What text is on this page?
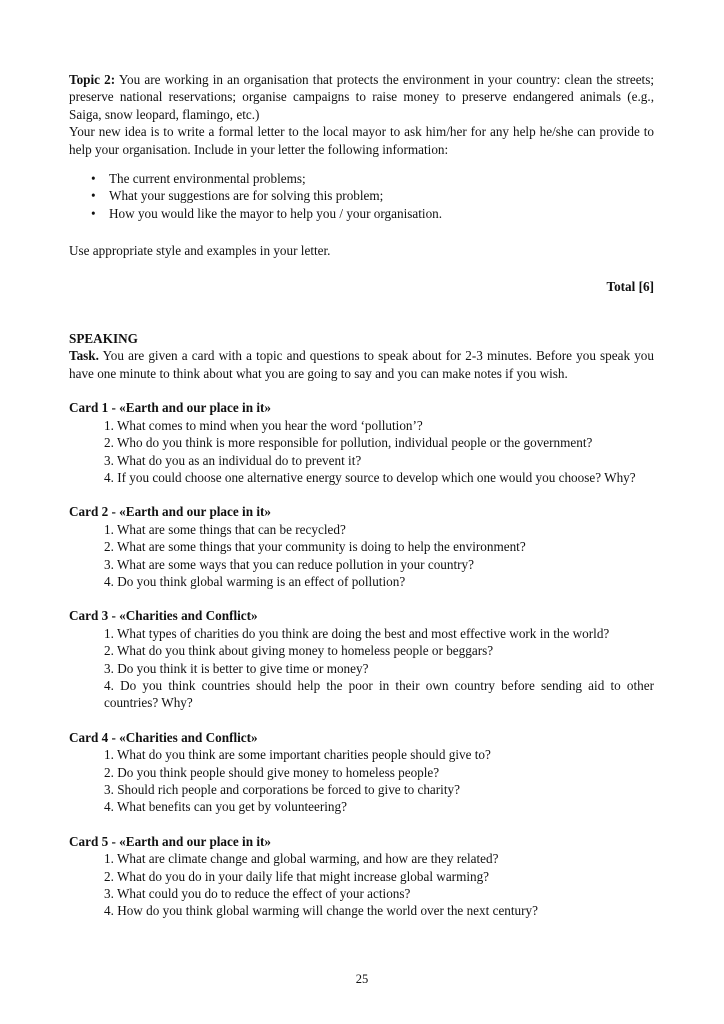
Topic 2: You are working in an organisation that protects the environment in your country: clean the streets; preserve national reservations; organise campaigns to raise money to preserve endangered animals (e.g., Saiga, snow leopard, flamingo, etc.)

Your new idea is to write a formal letter to the local mayor to ask him/her for any help he/she can provide to help your organisation. Include in your letter the following information:

• The current environmental problems;
• What your suggestions are for solving this problem;
• How you would like the mayor to help you / your organisation.

Use appropriate style and examples in your letter.

Total [6]
SPEAKING

Task. You are given a card with a topic and questions to speak about for 2-3 minutes. Before you speak you have one minute to think about what you are going to say and you can make notes if you wish.

Card 1 - «Earth and our place in it»
1. What comes to mind when you hear the word ‘pollution’?
2. Who do you think is more responsible for pollution, individual people or the government?
3. What do you as an individual do to prevent it?
4. If you could choose one alternative energy source to develop which one would you choose? Why?
Card 2 - «Earth and our place in it»
1. What are some things that can be recycled?
2. What are some things that your community is doing to help the environment?
3. What are some ways that you can reduce pollution in your country?
4. Do you think global warming is an effect of pollution?
Card 3 - «Charities and Conflict»
1. What types of charities do you think are doing the best and most effective work in the world?
2. What do you think about giving money to homeless people or beggars?
3. Do you think it is better to give time or money?
4. Do you think countries should help the poor in their own country before sending aid to other countries? Why?
Card 4 - «Charities and Conflict»
1. What do you think are some important charities people should give to?
2. Do you think people should give money to homeless people?
3. Should rich people and corporations be forced to give to charity?
4. What benefits can you get by volunteering?
Card 5 - «Earth and our place in it»
1. What are climate change and global warming, and how are they related?
2. What do you do in your daily life that might increase global warming?
3. What could you do to reduce the effect of your actions?
4. How do you think global warming will change the world over the next century?
25
